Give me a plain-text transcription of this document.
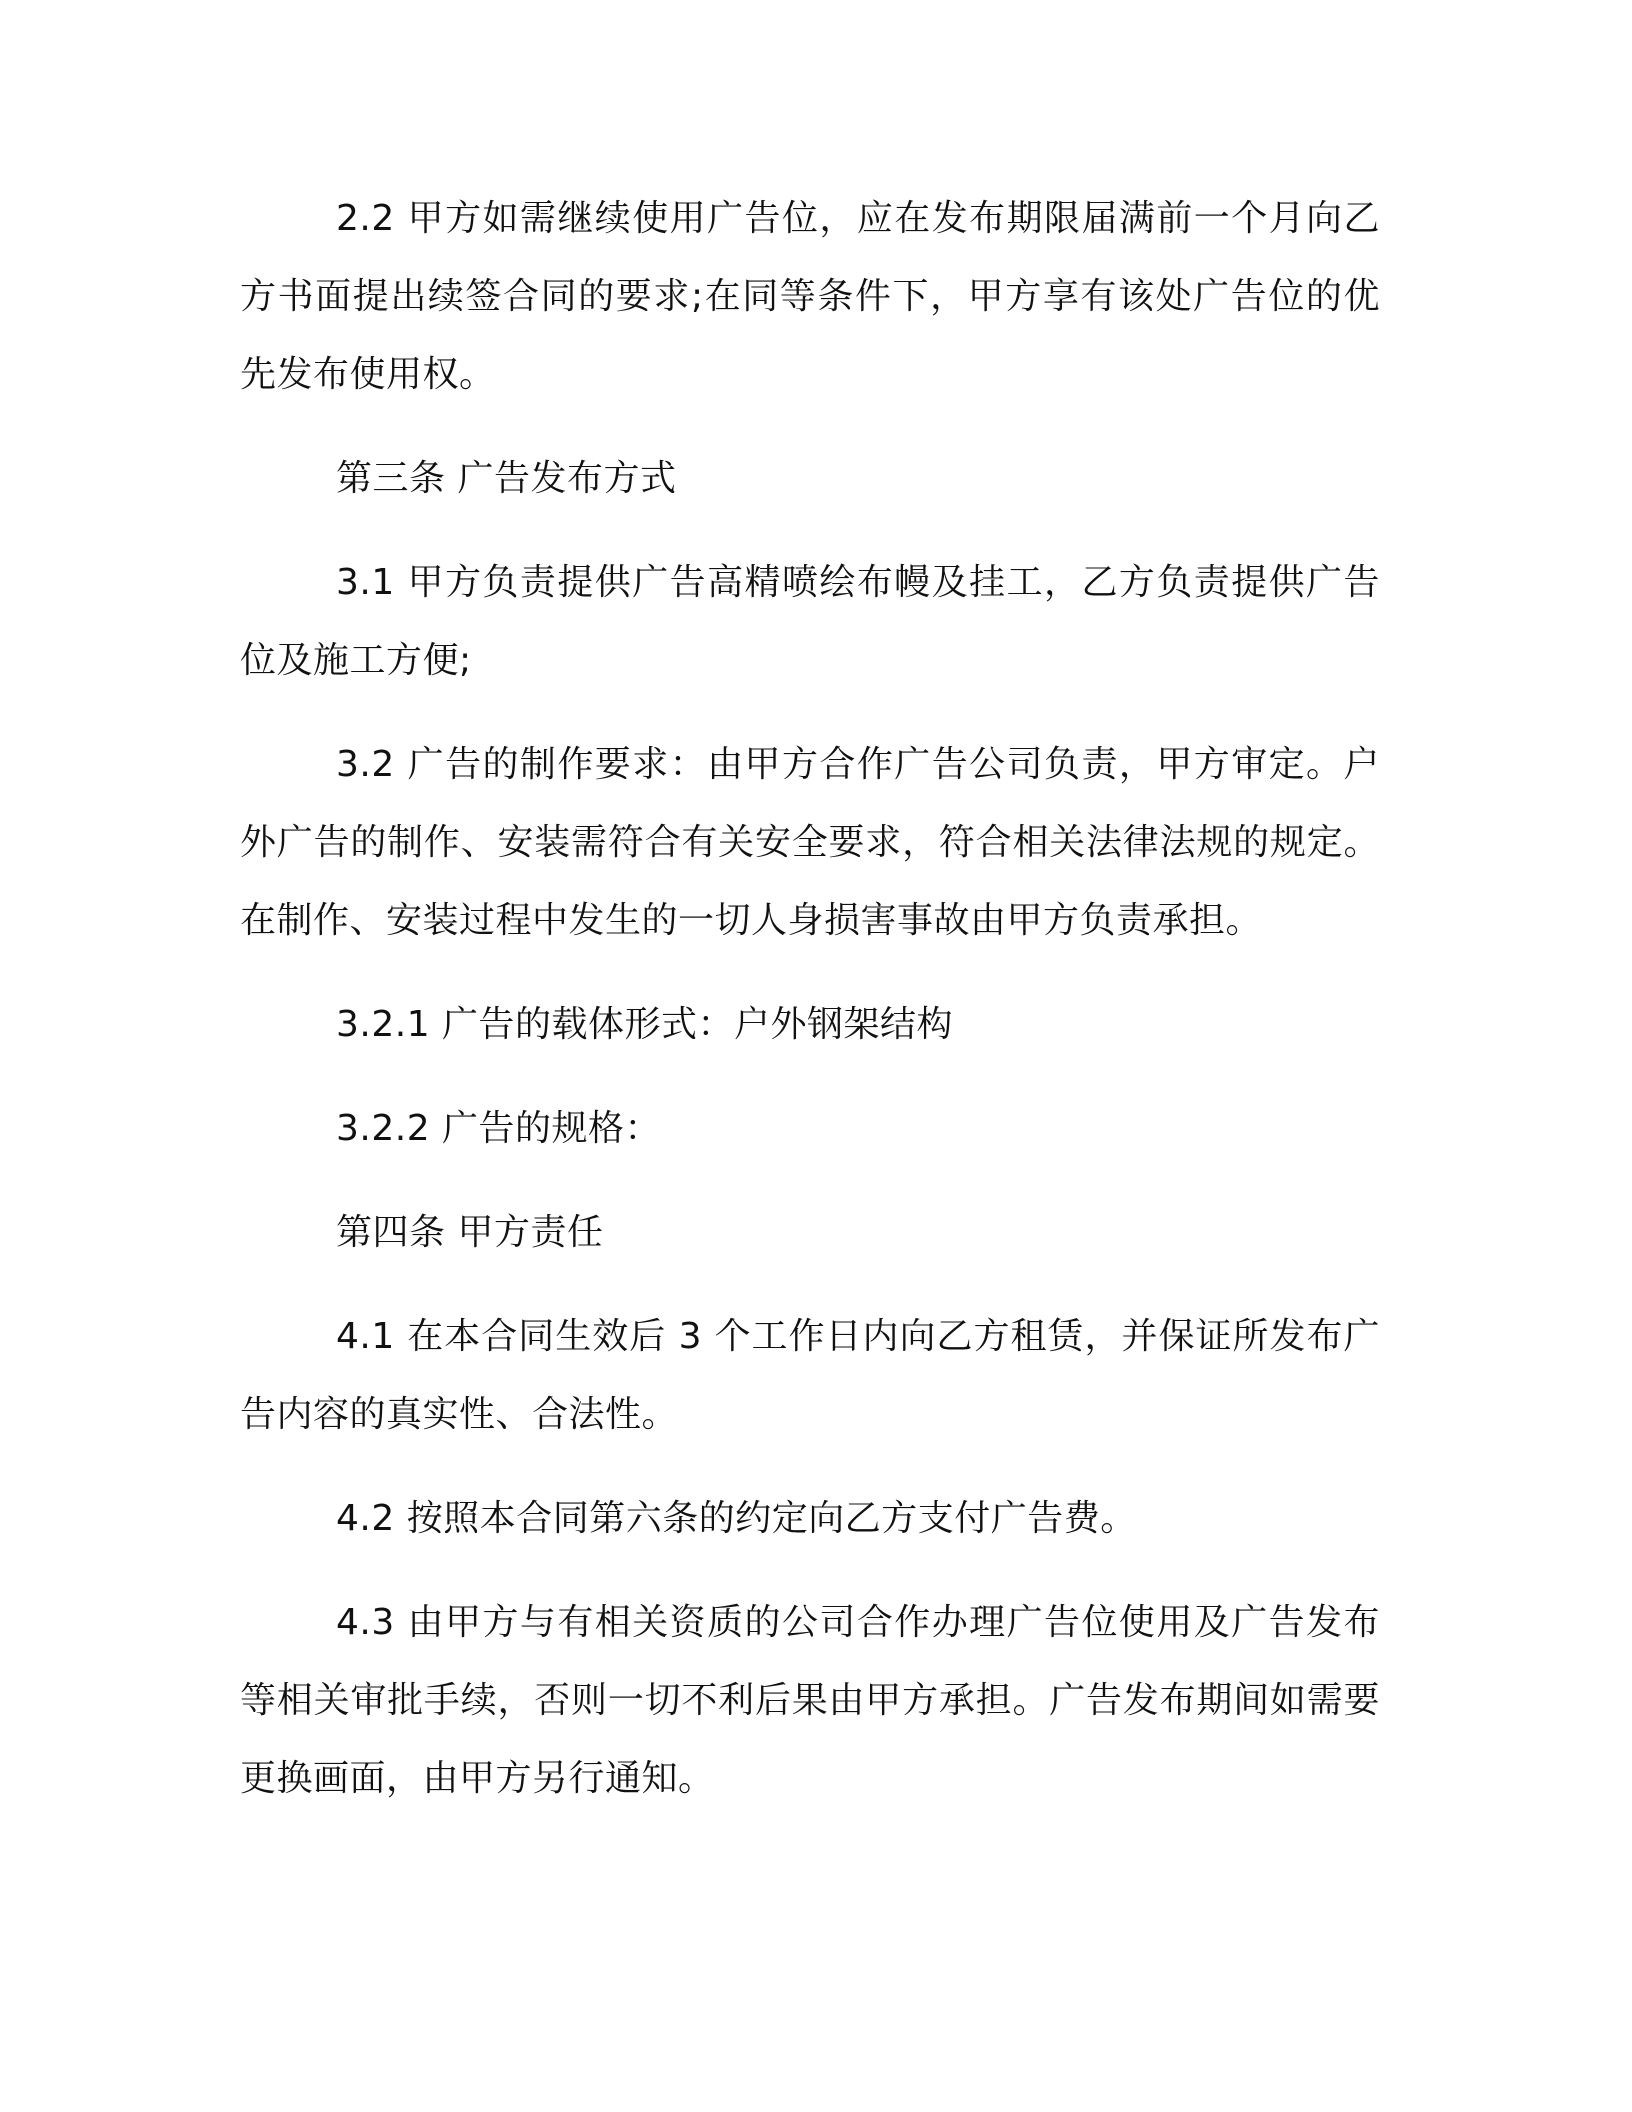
2.2 甲方如需继续使用广告位，应在发布期限届满前一个月向乙方书面提出续签合同的要求;在同等条件下，甲方享有该处广告位的优先发布使用权。

第三条 广告发布方式

3.1 甲方负责提供广告高精喷绘布幔及挂工，乙方负责提供广告位及施工方便;

3.2 广告的制作要求：由甲方合作广告公司负责，甲方审定。户外广告的制作、安装需符合有关安全要求，符合相关法律法规的规定。在制作、安装过程中发生的一切人身损害事故由甲方负责承担。

3.2.1 广告的载体形式：户外钢架结构

3.2.2 广告的规格：

第四条 甲方责任

4.1 在本合同生效后 3 个工作日内向乙方租赁，并保证所发布广告内容的真实性、合法性。

4.2 按照本合同第六条的约定向乙方支付广告费。

4.3 由甲方与有相关资质的公司合作办理广告位使用及广告发布等相关审批手续，否则一切不利后果由甲方承担。广告发布期间如需要更换画面，由甲方另行通知。
